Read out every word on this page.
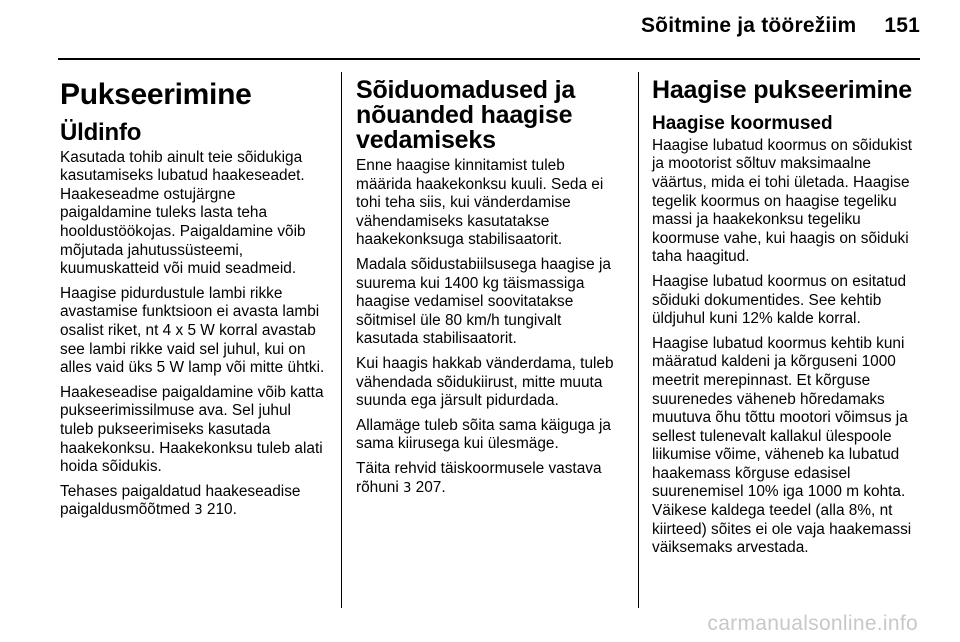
Sõitmine ja töörežiim 151
Pukseerimine
Üldinfo

Kasutada tohib ainult teie sõidukiga kasutamiseks lubatud haakeseadet. Haakeseadme ostujärgne paigaldamine tuleks lasta teha hooldustöökojas. Paigaldamine võib mõjutada jahutussüsteemi, kuumuskatteid või muid seadmeid.

Haagise pidurdustule lambi rikke avastamise funktsioon ei avasta lambi osalist riket, nt 4 x 5 W korral avastab see lambi rikke vaid sel juhul, kui on alles vaid üks 5 W lamp või mitte ühtki.

Haakeseadise paigaldamine võib katta pukseerimissilmuse ava. Sel juhul tuleb pukseerimiseks kasutada haakekonksu. Haakekonksu tuleb alati hoida sõidukis.

Tehases paigaldatud haakeseadise paigaldusmõõtmed 3 210.

Sõiduomadused ja nõuanded haagise vedamiseks

Enne haagise kinnitamist tuleb määrida haakekonksu kuuli. Seda ei tohi teha siis, kui vänderdamise vähendamiseks kasutatakse haakekonksuga stabilisaatorit.

Madala sõidustabiilsusega haagise ja suurema kui 1400 kg täismassiga haagise vedamisel soovitatakse sõitmisel üle 80 km/h tungivalt kasutada stabilisaatorit.

Kui haagis hakkab vänderdama, tuleb vähendada sõidukiirust, mitte muuta suunda ega järsult pidurdada.

Allamäge tuleb sõita sama käiguga ja sama kiirusega kui ülesmäge.

Täita rehvid täiskoormusele vastava rõhuni 3 207.

Haagise pukseerimine
Haagise koormused

Haagise lubatud koormus on sõidukist ja mootorist sõltuv maksimaalne väärtus, mida ei tohi ületada. Haagise tegelik koormus on haagise tegeliku massi ja haakekonksu tegeliku koormuse vahe, kui haagis on sõiduki taha haagitud.

Haagise lubatud koormus on esitatud sõiduki dokumentides. See kehtib üldjuhul kuni 12% kalde korral.

Haagise lubatud koormus kehtib kuni määratud kaldeni ja kõrguseni 1000 meetrit merepinnast. Et kõrguse suurenedes väheneb hõredamaks muutuva õhu tõttu mootori võimsus ja sellest tulenevalt kallakul ülespoole liikumise võime, väheneb ka lubatud haakemass kõrguse edasisel suurenemisel 10% iga 1000 m kohta. Väikese kaldega teedel (alla 8%, nt kiirteed) sõites ei ole vaja haakemassi väiksemaks arvestada.

carmanualsonline.info
